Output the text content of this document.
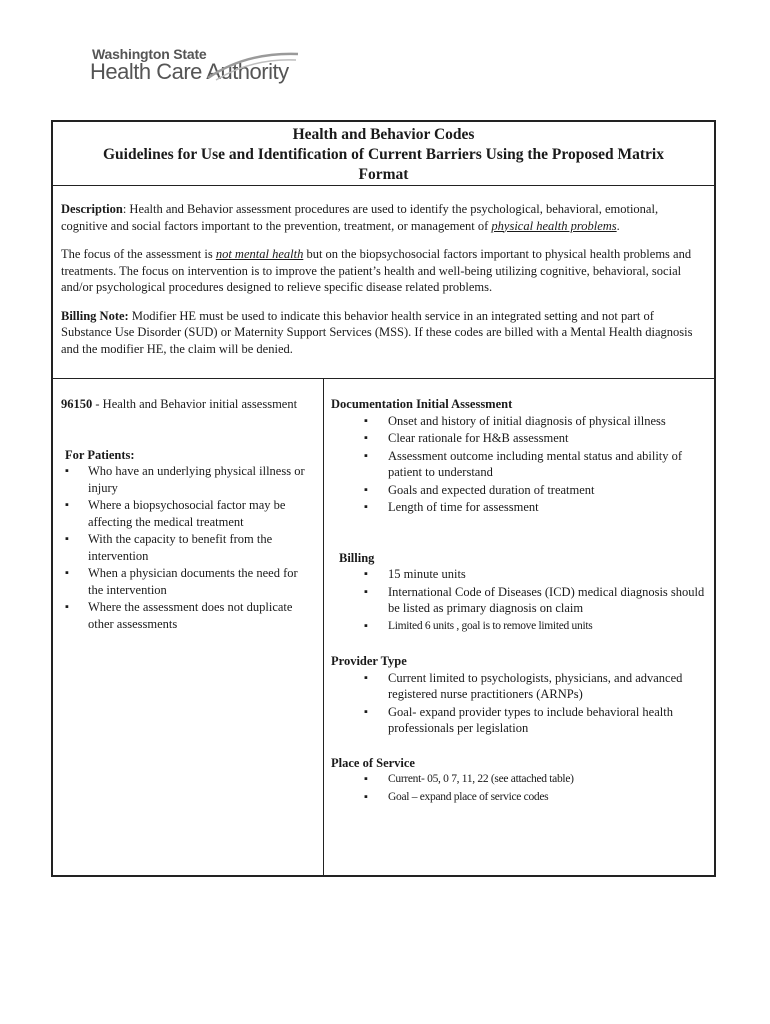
Washington State
Health Care Authority
Health and Behavior Codes
Guidelines for Use and Identification of Current Barriers Using the Proposed Matrix
Format

Description: Health and Behavior assessment procedures are used to identify the psychological, behavioral, emotional, cognitive and social factors important to the prevention, treatment, or management of physical health problems.

The focus of the assessment is not mental health but on the biopsychosocial factors important to physical health problems and treatments. The focus on intervention is to improve the patient’s health and well-being utilizing cognitive, behavioral, social and/or psychological procedures designed to relieve specific disease related problems.

Billing Note: Modifier HE must be used to indicate this behavior health service in an integrated setting and not part of Substance Use Disorder (SUD) or Maternity Support Services (MSS). If these codes are billed with a Mental Health diagnosis and the modifier HE, the claim will be denied.

96150 - Health and Behavior initial assessment
For Patients:
▪ Who have an underlying physical illness or injury
▪ Where a biopsychosocial factor may be affecting the medical treatment
▪ With the capacity to benefit from the intervention
▪ When a physician documents the need for the intervention
▪ Where the assessment does not duplicate other assessments
Documentation Initial Assessment
▪ Onset and history of initial diagnosis of physical illness
▪ Clear rationale for H&B assessment
▪ Assessment outcome including mental status and ability of patient to understand
▪ Goals and expected duration of treatment
▪ Length of time for assessment
Billing
▪ 15 minute units
▪ International Code of Diseases (ICD) medical diagnosis should be listed as primary diagnosis on claim
▪ Limited 6 units , goal is to remove limited units
Provider Type
▪ Current limited to psychologists, physicians, and advanced registered nurse practitioners (ARNPs)
▪ Goal- expand provider types to include behavioral health professionals per legislation
Place of Service
▪ Current- 05, 0 7, 11, 22 (see attached table)
▪ Goal – expand place of service codes
